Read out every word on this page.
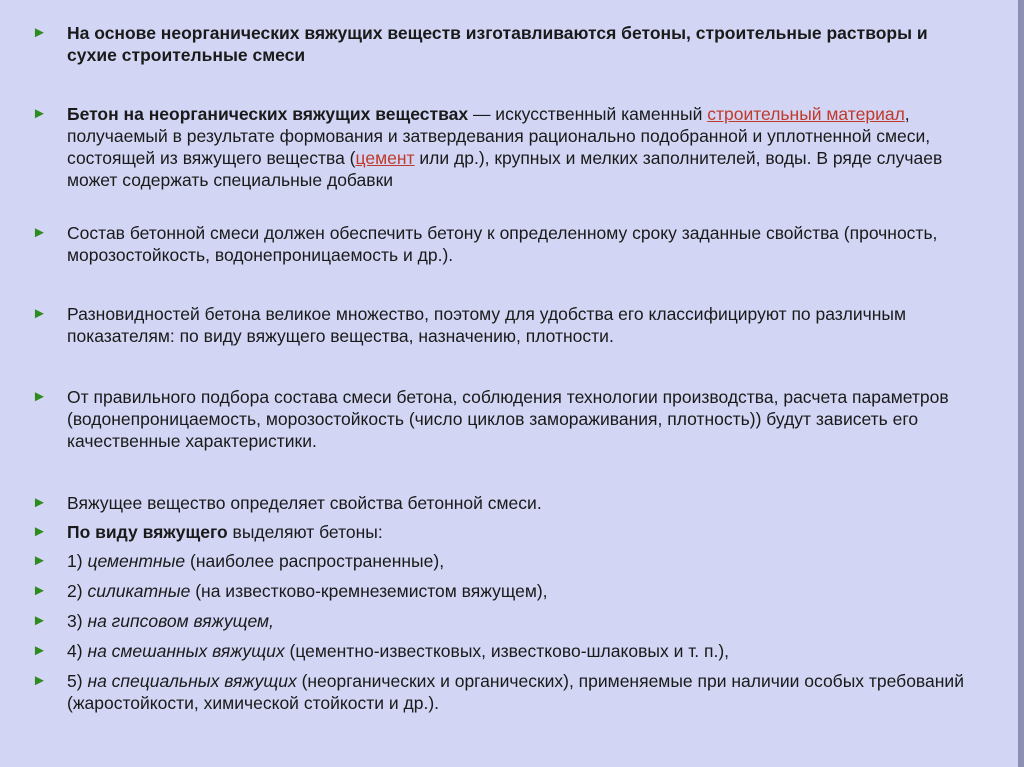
► На основе неорганических вяжущих веществ изготавливаются бетоны, строительные растворы и сухие строительные смеси
► Бетон на неорганических вяжущих веществах — искусственный каменный строительный материал, получаемый в результате формования и затвердевания рационально подобранной и уплотненной смеси, состоящей из вяжущего вещества (цемент или др.), крупных и мелких заполнителей, воды. В ряде случаев может содержать специальные добавки
► Состав бетонной смеси должен обеспечить бетону к определенному сроку заданные свойства (прочность, морозостойкость, водонепроницаемость и др.).
► Разновидностей бетона великое множество, поэтому для удобства его классифицируют по различным показателям: по виду вяжущего вещества, назначению, плотности.
► От правильного подбора состава смеси бетона, соблюдения технологии производства, расчета параметров (водонепроницаемость, морозостойкость (число циклов замораживания, плотность)) будут зависеть его качественные характеристики.
► Вяжущее вещество определяет свойства бетонной смеси.
► По виду вяжущего выделяют бетоны:
► 1) цементные (наиболее распространенные),
► 2) силикатные (на известково-кремнеземистом вяжущем),
► 3) на гипсовом вяжущем,
► 4) на смешанных вяжущих (цементно-известковых, известково-шлаковых и т. п.),
► 5) на специальных вяжущих (неорганических и органических), применяемые при наличии особых требований (жаростойкости, химической стойкости и др.).
